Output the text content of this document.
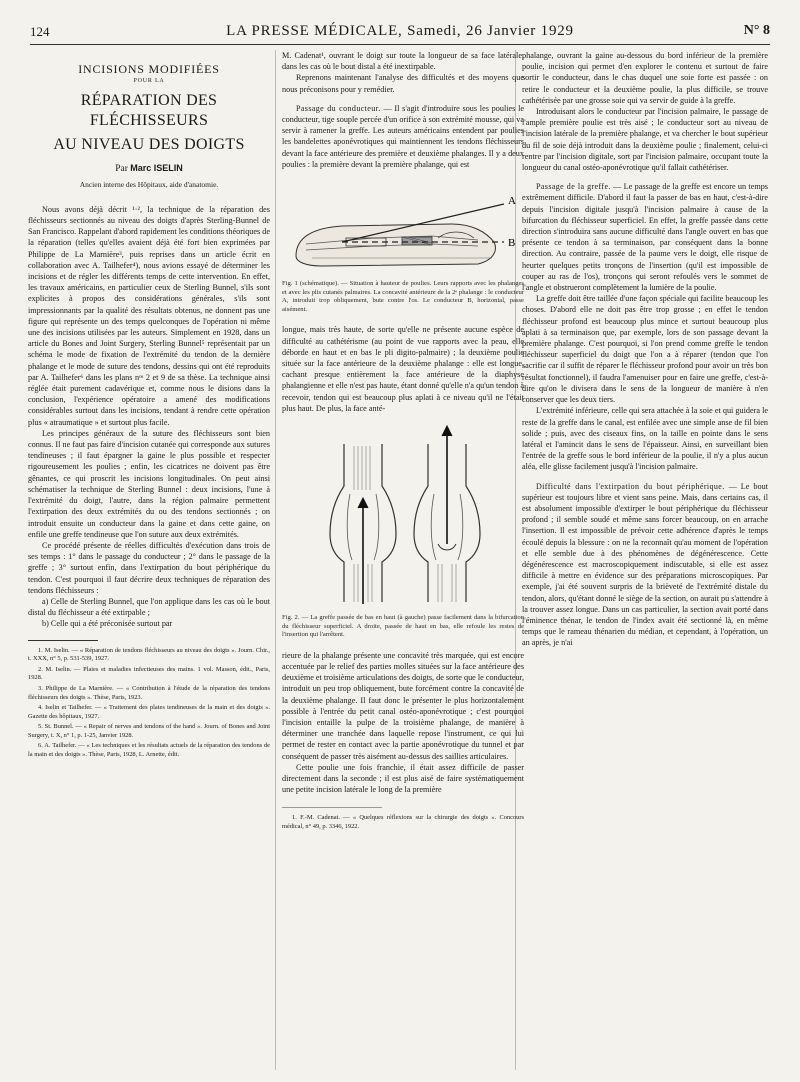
124	LA PRESSE MÉDICALE, Samedi, 26 Janvier 1929	N° 8
INCISIONS MODIFIÉES
POUR LA
RÉPARATION DES FLÉCHISSEURS
AU NIVEAU DES DOIGTS
Par Marc ISELIN
Ancien interne des Hôpitaux, aide d'anatomie.

Nous avons déjà décrit ¹·², la technique de la réparation des fléchisseurs sectionnés au niveau des doigts d'après Sterling-Bunnel de San Francisco. Rappelant d'abord rapidement les conditions théoriques de la réparation (telles qu'elles avaient déjà été fort bien exprimées par Philippe de La Marnière³, puis reprises dans un article écrit en collaboration avec A. Tailhefer⁴), nous avions essayé de déterminer les incisions et de régler les différents temps de cette intervention. En effet, les travaux américains, en particulier ceux de Sterling Bunnel, s'ils sont explicites à propos des considérations générales, s'ils sont impressionnants par la qualité des résultats obtenus, ne donnent pas une figure qui représente un des temps quelconques de l'opération ni même une des incisions utilisées par les auteurs. Simplement en 1928, dans un article du Bones and Joint Surgery, Sterling Bunnel⁵ représentait par un schéma le mode de fixation de l'extrémité du tendon de la dernière phalange et le mode de suture des tendons, dessins qui ont été reproduits par A. Tailhefer⁶ dans les plans nᵒˢ 2 et 9 de sa thèse. La technique ainsi réglée était purement cadavérique et, comme nous le disions dans la conclusion, l'expérience opératoire a amené des modifications considérables surtout dans les incisions, tendant à rendre cette opération plus « atraumatique » et surtout plus facile.

Les principes généraux de la suture des fléchisseurs sont bien connus. Il ne faut pas faire d'incision cutanée qui corresponde aux sutures tendineuses ; il faut épargner la gaine le plus possible et respecter rigoureusement les poulies ; enfin, les cicatrices ne doivent pas être gênantes, ce qui proscrit les incisions longitudinales. On peut ainsi schématiser la technique de Sterling Bunnel : deux incisions, l'une à l'extrémité du doigt, l'autre, dans la région palmaire permettent l'extirpation des deux extrémités du ou des tendons sectionnés ; on introduit ensuite un conducteur dans la gaine et dans cette gaine, on enfile une greffe tendineuse que l'on suture aux deux extrémités.

Ce procédé présente de réelles difficultés d'exécution dans trois de ses temps : 1° dans le passage du conducteur ; 2° dans le passage de la greffe ; 3° surtout enfin, dans l'extirpation du bout périphérique du tendon. C'est pourquoi il faut décrire deux techniques de réparation des tendons fléchisseurs :

a) Celle de Sterling Bunnel, que l'on applique dans les cas où le bout distal du fléchisseur a été extirpable ;

b) Celle qui a été préconisée surtout par

1. M. Iselin. — « Réparation de tendons fléchisseurs au niveau des doigts ». Journ. Chir., t. XXX, n° 5, p. 531-539, 1927.

2. M. Iselin. — Plaies et maladies infectieuses des mains. 1 vol. Masson, édit., Paris, 1928.

3. Philippe de La Marnière. — « Contribution à l'étude de la réparation des tendons fléchisseurs des doigts ». Thèse, Paris, 1923.

4. Iselin et Tailhefer. — « Traitement des plaies tendineuses de la main et des doigts ». Gazette des hôpitaux, 1927.

5. St. Bunnel. — « Repair of nerves and tendons of the hand ». Journ. of Bones and Joint Surgery, t. X, n° 1, p. 1-25, Janvier 1928.

6. A. Tailhefer. — « Les techniques et les résultats actuels de la réparation des tendons de la main et des doigts ». Thèse, Paris, 1928, L. Arnette, édit.

M. Cadenat¹, ouvrant le doigt sur toute la longueur de sa face latérale, dans les cas où le bout distal a été inextirpable.

Reprenons maintenant l'analyse des difficultés et des moyens que nous préconisons pour y remédier.

Passage du conducteur. — Il s'agit d'introduire sous les poulies le conducteur, tige souple percée d'un orifice à son extrémité mousse, qui va servir à ramener la greffe. Les auteurs américains entendent par poulies les bandelettes aponévrotiques qui maintiennent les tendons fléchisseurs devant la face antérieure des première et deuxième phalanges. Il y a deux poulies : la première devant la première phalange, qui est

A
B

Fig. 1 (schématique). — Situation à hauteur de poulies. Leurs rapports avec les phalanges et avec les plis cutanés palmaires. La concavité antérieure de la 2ᵉ phalange : le conducteur A, introduit trop obliquement, bute contre l'os. Le conducteur B, horizontal, passe aisément.

longue, mais très haute, de sorte qu'elle ne présente aucune espèce de difficulté au cathétérisme (au point de vue rapports avec la peau, elle déborde en haut et en bas le pli digito-palmaire) ; la deuxième poulie située sur la face antérieure de la deuxième phalange : elle est longue, cachant presque entièrement la face antérieure de la diaphyse phalangienne et elle n'est pas haute, étant donné qu'elle n'a qu'un tendon à recevoir, tendon qui est beaucoup plus aplati à ce niveau qu'il ne l'était plus haut. De plus, la face anté-

Fig. 2. — La greffe passée de bas en haut (à gauche) passe facilement dans la bifurcation du fléchisseur superficiel. A droite, passée de haut en bas, elle refoule les restes de l'insertion qui l'arrêtent.

rieure de la phalange présente une concavité très marquée, qui est encore accentuée par le relief des parties molles situées sur la face antérieure des deuxième et troisième articulations des doigts, de sorte que le conducteur, introduit un peu trop obliquement, bute forcément contre la concavité de la deuxième phalange. Il faut donc le présenter le plus horizontalement possible à l'entrée du petit canal ostéo-aponévrotique ; c'est pourquoi l'incision entaille la pulpe de la troisième phalange, de manière à déterminer une tranchée dans laquelle repose l'instrument, ce qui lui permet de rester en contact avec la partie aponévrotique du tunnel et par conséquent de passer très aisément au-dessus des saillies articulaires.

Cette poulie une fois franchie, il était assez difficile de passer directement dans la seconde ; il est plus aisé de faire systématiquement une petite incision latérale le long de la première

1. F.-M. Cadenat. — « Quelques réflexions sur la chirurgie des doigts ». Concours médical, n° 49, p. 3346, 1922.

phalange, ouvrant la gaine au-dessous du bord inférieur de la première poulie, incision qui permet d'en explorer le contenu et surtout de faire sortir le conducteur, dans le chas duquel une soie forte est passée : on retire le conducteur et la deuxième poulie, la plus difficile, se trouve cathétérisée par une grosse soie qui va servir de guide à la greffe.

Introduisant alors le conducteur par l'incision palmaire, le passage de l'ample première poulie est très aisé ; le conducteur sort au niveau de l'incision latérale de la première phalange, et va chercher le bout supérieur du fil de soie déjà introduit dans la deuxième poulie ; finalement, celui-ci rentre par l'incision digitale, sort par l'incision palmaire, occupant toute la longueur du canal ostéo-aponévrotique qu'il fallait cathétériser.

Passage de la greffe. — Le passage de la greffe est encore un temps extrêmement difficile. D'abord il faut la passer de bas en haut, c'est-à-dire depuis l'incision digitale jusqu'à l'incision palmaire à cause de la bifurcation du fléchisseur superficiel. En effet, la greffe passée dans cette direction s'introduira sans aucune difficulté dans l'angle ouvert en bas que présente ce tendon à sa terminaison, par conséquent dans la bonne direction. Au contraire, passée de la paume vers le doigt, elle risque de heurter quelques petits tronçons de l'insertion (qu'il est impossible de couper au ras de l'os), tronçons qui seront refoulés vers le sommet de l'angle et obstrueront complètement la lumière de la poulie.

La greffe doit être taillée d'une façon spéciale qui facilite beaucoup les choses. D'abord elle ne doit pas être trop grosse ; en effet le tendon fléchisseur profond est beaucoup plus mince et surtout beaucoup plus aplati à sa terminaison que, par exemple, lors de son passage devant la première phalange. C'est pourquoi, si l'on prend comme greffe le tendon fléchisseur superficiel du doigt que l'on a à réparer (tendon que l'on sacrifie car il suffit de réparer le fléchisseur profond pour avoir un très bon résultat fonctionnel), il faudra l'amenuiser pour en faire une greffe, c'est-à-dire qu'on le divisera dans le sens de la longueur de manière à n'en conserver que les deux tiers.

L'extrémité inférieure, celle qui sera attachée à la soie et qui guidera le reste de la greffe dans le canal, est enfilée avec une simple anse de fil bien solide ; puis, avec des ciseaux fins, on la taille en pointe dans le sens latéral et l'amincit dans le sens de l'épaisseur. Ainsi, en surveillant bien l'entrée de la greffe sous le bord inférieur de la poulie, il n'y a plus aucun aléa, elle glisse facilement jusqu'à l'incision palmaire.

Difficulté dans l'extirpation du bout périphérique. — Le bout supérieur est toujours libre et vient sans peine. Mais, dans certains cas, il est absolument impossible d'extirper le bout périphérique du fléchisseur profond ; il semble soudé et même sans forcer beaucoup, on en arrache l'insertion. Il est impossible de prévoir cette adhérence d'après le temps écoulé depuis la blessure : on ne la reconnaît qu'au moment de l'opération et elle semble due à des phénomènes de dégénérescence. Cette dégénérescence est macroscopiquement indiscutable, si elle est assez difficile à mettre en évidence sur des préparations microscopiques. Par exemple, j'ai été souvent surpris de la brièveté de l'extrémité distale du tendon, alors, qu'étant donné le siège de la section, on aurait pu s'attendre à la trouver assez longue. Dans un cas particulier, la section avait porté dans l'éminence thénar, le tendon de l'index avait été sectionné là, en même temps que le rameau thénarien du médian, et cependant, à l'opération, un an après, je n'ai
